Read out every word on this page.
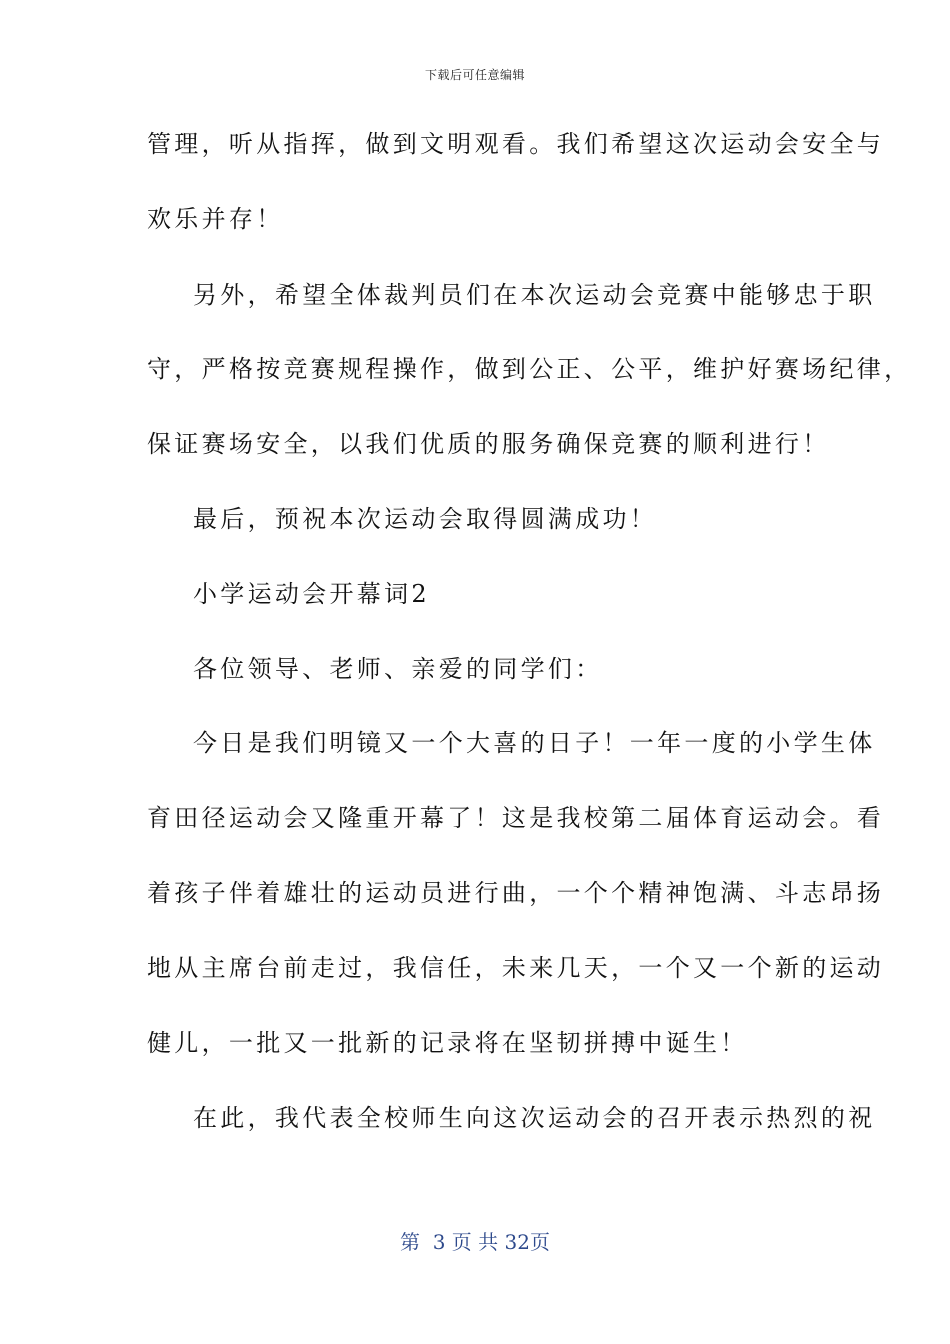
下载后可任意编辑
管理，听从指挥，做到文明观看。我们希望这次运动会安全与
欢乐并存！
另外，希望全体裁判员们在本次运动会竞赛中能够忠于职
守，严格按竞赛规程操作，做到公正、公平，维护好赛场纪律，
保证赛场安全，以我们优质的服务确保竞赛的顺利进行！
最后，预祝本次运动会取得圆满成功！
小学运动会开幕词2
各位领导、老师、亲爱的同学们：
今日是我们明镜又一个大喜的日子！一年一度的小学生体
育田径运动会又隆重开幕了！这是我校第二届体育运动会。看
着孩子伴着雄壮的运动员进行曲，一个个精神饱满、斗志昂扬
地从主席台前走过，我信任，未来几天，一个又一个新的运动
健儿，一批又一批新的记录将在坚韧拼搏中诞生！
在此，我代表全校师生向这次运动会的召开表示热烈的祝
第  3 页 共 32页
